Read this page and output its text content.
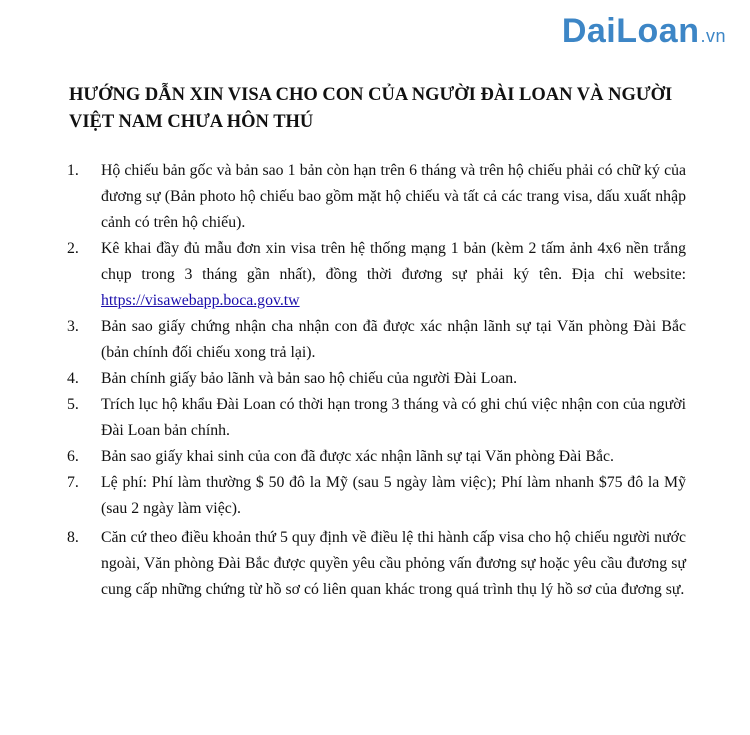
Dai Loan .vn
HƯỚNG DẪN XIN VISA CHO CON CỦA NGƯỜI ĐÀI LOAN VÀ NGƯỜI VIỆT NAM CHƯA HÔN THÚ
1. Hộ chiếu bản gốc và bản sao 1 bản còn hạn trên 6 tháng và trên hộ chiếu phải có chữ ký của đương sự (Bản photo hộ chiếu bao gồm mặt hộ chiếu và tất cả các trang visa, dấu xuất nhập cảnh có trên hộ chiếu).
2. Kê khai đầy đủ mẫu đơn xin visa trên hệ thống mạng 1 bản (kèm 2 tấm ảnh 4x6 nền trắng chụp trong 3 tháng gần nhất), đồng thời đương sự phải ký tên. Địa chỉ website: https://visawebapp.boca.gov.tw
3. Bản sao giấy chứng nhận cha nhận con đã được xác nhận lãnh sự tại Văn phòng Đài Bắc (bản chính đối chiếu xong trả lại).
4. Bản chính giấy bảo lãnh và bản sao hộ chiếu của người Đài Loan.
5. Trích lục hộ khẩu Đài Loan có thời hạn trong 3 tháng và có ghi chú việc nhận con của người Đài Loan bản chính.
6. Bản sao giấy khai sinh của con đã được xác nhận lãnh sự tại Văn phòng Đài Bắc.
7. Lệ phí: Phí làm thường $ 50 đô la Mỹ (sau 5 ngày làm việc); Phí làm nhanh $75 đô la Mỹ (sau 2 ngày làm việc).
8. Căn cứ theo điều khoản thứ 5 quy định về điều lệ thi hành cấp visa cho hộ chiếu người nước ngoài, Văn phòng Đài Bắc được quyền yêu cầu phỏng vấn đương sự hoặc yêu cầu đương sự cung cấp những chứng từ hồ sơ có liên quan khác trong quá trình thụ lý hồ sơ của đương sự.
